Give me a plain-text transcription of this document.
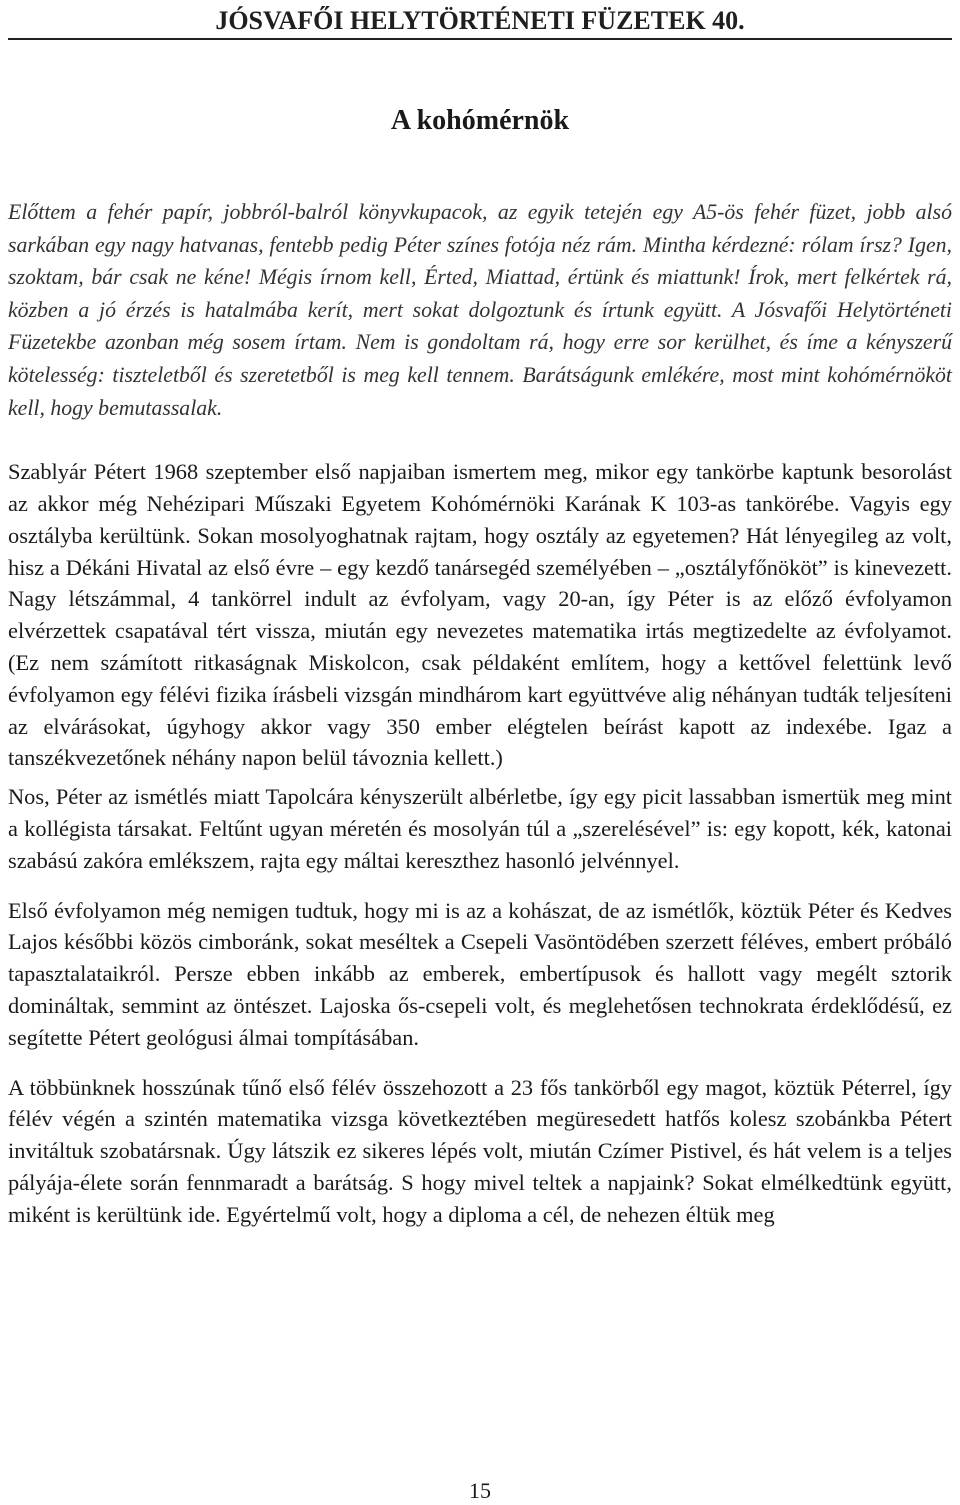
JÓSVAFŐI HELYTÖRTÉNETI FÜZETEK 40.
A kohómérnök

Előttem a fehér papír, jobbról-balról könyvkupacok, az egyik tetején egy A5-ös fehér füzet, jobb alsó sarkában egy nagy hatvanas, fentebb pedig Péter színes fotója néz rám. Mintha kérdezné: rólam írsz? Igen, szoktam, bár csak ne kéne! Mégis írnom kell, Érted, Miattad, értünk és miattunk! Írok, mert felkértek rá, közben a jó érzés is hatalmába kerít, mert sokat dolgoztunk és írtunk együtt. A Jósvafői Helytörténeti Füzetekbe azonban még sosem írtam. Nem is gondoltam rá, hogy erre sor kerülhet, és íme a kényszerű kötelesség: tiszteletből és szeretetből is meg kell tennem. Barátságunk emlékére, most mint kohómérnököt kell, hogy bemutassalak.

Szablyár Pétert 1968 szeptember első napjaiban ismertem meg, mikor egy tankörbe kaptunk besorolást az akkor még Nehézipari Műszaki Egyetem Kohómérnöki Karának K 103-as tankörébe. Vagyis egy osztályba kerültünk. Sokan mosolyoghatnak rajtam, hogy osztály az egyetemen? Hát lényegileg az volt, hisz a Dékáni Hivatal az első évre – egy kezdő tanársegéd személyében – „osztályfőnököt” is kinevezett. Nagy létszámmal, 4 tankörrel indult az évfolyam, vagy 20-an, így Péter is az előző évfolyamon elvérzettek csapatával tért vissza, miután egy nevezetes matematika irtás megtizedelte az évfolyamot. (Ez nem számított ritkaságnak Miskolcon, csak példaként említem, hogy a kettővel felettünk levő évfolyamon egy félévi fizika írásbeli vizsgán mindhárom kart együttvéve alig néhányan tudták teljesíteni az elvárásokat, úgyhogy akkor vagy 350 ember elégtelen beírást kapott az indexébe. Igaz a tanszékvezetőnek néhány napon belül távoznia kellett.)

Nos, Péter az ismétlés miatt Tapolcára kényszerült albérletbe, így egy picit lassabban ismertük meg mint a kollégista társakat. Feltűnt ugyan méretén és mosolyán túl a „szerelésével” is: egy kopott, kék, katonai szabású zakóra emlékszem, rajta egy máltai kereszthez hasonló jelvénnyel.

Első évfolyamon még nemigen tudtuk, hogy mi is az a kohászat, de az ismétlők, köztük Péter és Kedves Lajos későbbi közös cimboránk, sokat meséltek a Csepeli Vasöntödében szerzett féléves, embert próbáló tapasztalataikról. Persze ebben inkább az emberek, embertípusok és hallott vagy megélt sztorik domináltak, semmint az öntészet. Lajoska ős-csepeli volt, és meglehetősen technokrata érdeklődésű, ez segítette Pétert geológusi álmai tompításában.

A többünknek hosszúnak tűnő első félév összehozott a 23 fős tankörből egy magot, köztük Péterrel, így félév végén a szintén matematika vizsga következtében megüresedett hatfős kolesz szobánkba Pétert invitáltuk szobatársnak. Úgy látszik ez sikeres lépés volt, miután Czímer Pistivel, és hát velem is a teljes pályája-élete során fennmaradt a barátság. S hogy mivel teltek a napjaink? Sokat elmélkedtünk együtt, miként is kerültünk ide. Egyértelmű volt, hogy a diploma a cél, de nehezen éltük meg

15
